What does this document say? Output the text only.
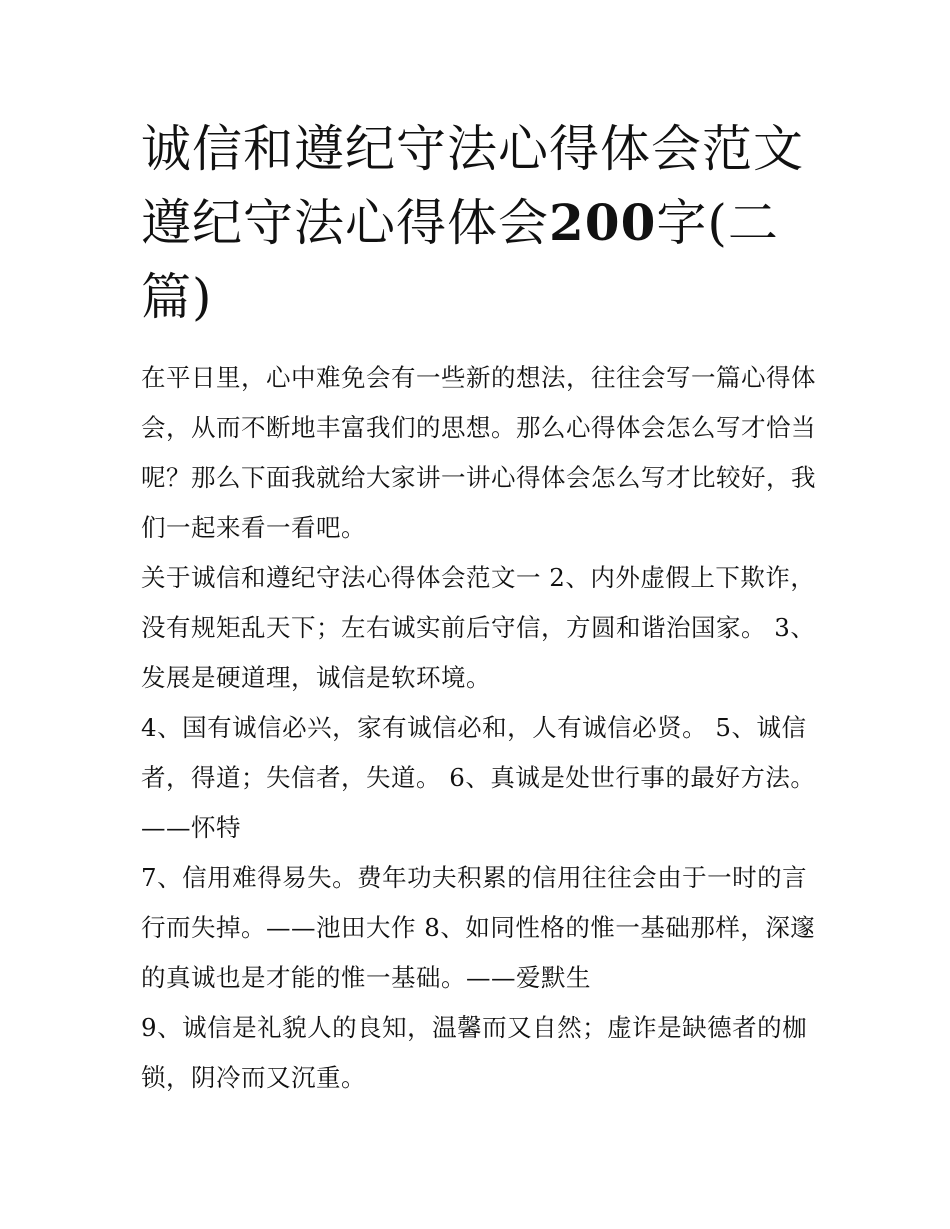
诚信和遵纪守法心得体会范文遵纪守法心得体会200字(二篇)

在平日里，心中难免会有一些新的想法，往往会写一篇心得体会，从而不断地丰富我们的思想。那么心得体会怎么写才恰当呢？那么下面我就给大家讲一讲心得体会怎么写才比较好，我们一起来看一看吧。

关于诚信和遵纪守法心得体会范文一 2、内外虚假上下欺诈，没有规矩乱天下；左右诚实前后守信，方圆和谐治国家。 3、发展是硬道理，诚信是软环境。

4、国有诚信必兴，家有诚信必和，人有诚信必贤。 5、诚信者，得道；失信者，失道。 6、真诚是处世行事的最好方法。——怀特

7、信用难得易失。费年功夫积累的信用往往会由于一时的言行而失掉。——池田大作 8、如同性格的惟一基础那样，深邃的真诚也是才能的惟一基础。——爱默生

9、诚信是礼貌人的良知，温馨而又自然；虚诈是缺德者的枷锁，阴冷而又沉重。
